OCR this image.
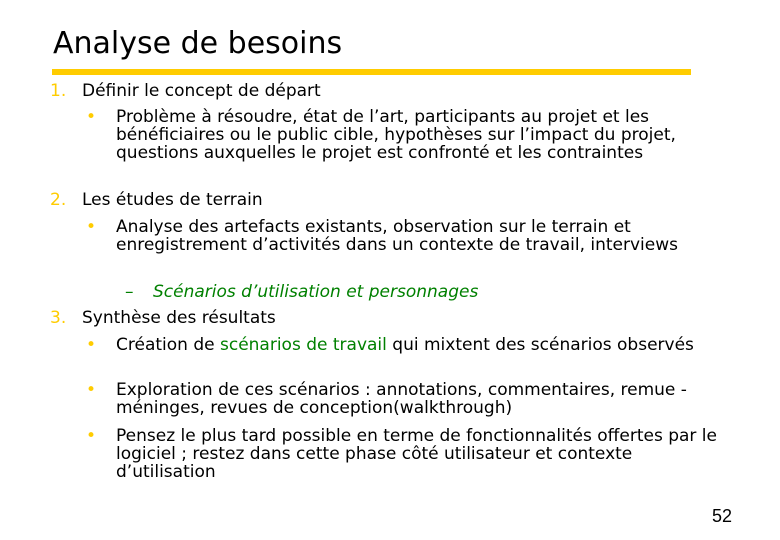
Analyse de besoins
1. Définir le concept de départ
• Problème à résoudre, état de l’art, participants au projet et les bénéficiaires ou le public cible, hypothèses sur l’impact du projet, questions auxquelles le projet est confronté et les contraintes
2. Les études de terrain
• Analyse des artefacts existants, observation sur le terrain et enregistrement d’activités dans un contexte de travail, interviews
– Scénarios d’utilisation et personnages
3. Synthèse des résultats
• Création de scénarios de travail qui mixtent des scénarios observés
• Exploration de ces scénarios : annotations, commentaires, remue -méninges, revues de conception(walkthrough)
• Pensez le plus tard possible en terme de fonctionnalités offertes par le logiciel ; restez dans cette phase côté utilisateur et contexte d’utilisation
52
